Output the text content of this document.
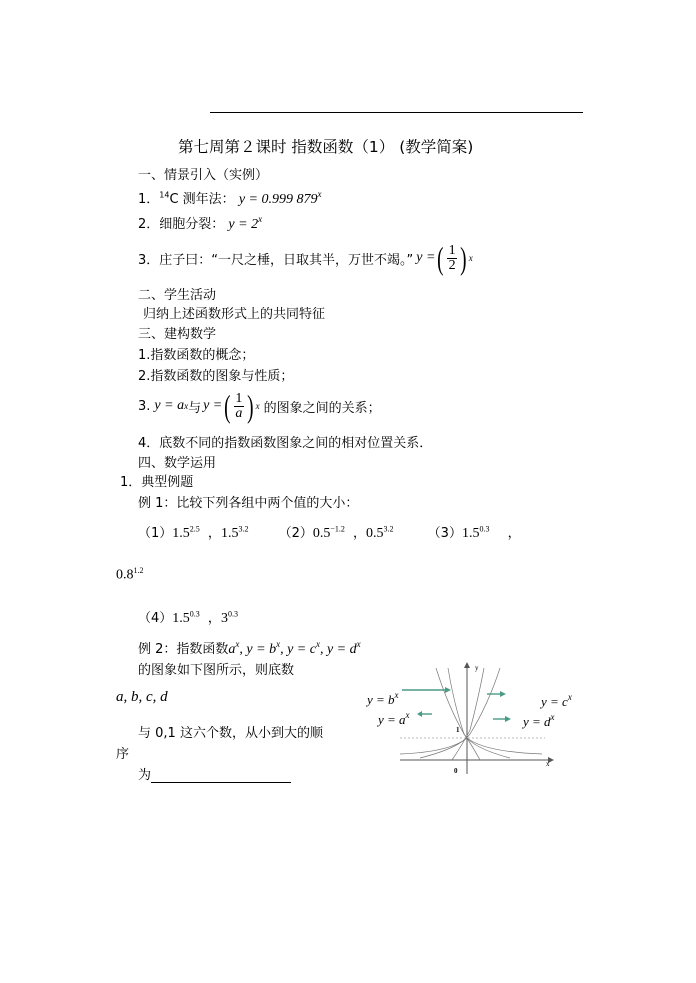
第七周第２课时 指数函数（1） (教学简案)
一、情景引入（实例）
1．$^{14}$C 测年法： y = 0.999 879$^x$
2．细胞分裂： $y = 2^x$
3．庄子曰：“一尺之棰，日取其半，万世不竭。” y = ( $\frac{1}{2}$ ) x
二、学生活动
归纳上述函数形式上的共同特征
三、建构数学
1.指数函数的概念；
2.指数函数的图象与性质；
3. y = a x 与 y = ( $\frac{1}{a}$ ) x 的图象之间的关系；
4．底数不同的指数函数图象之间的相对位置关系．
四、数学运用
1．典型例题
例 1：比较下列各组中两个值的大小：
$(1)1.5^{2.5}$ ，$1.5^{3.2}$ $(2)0.5^{-1.2}$ ，$0.5^{3.2}$	$(3)1.5^{0.3}$ ，
$0.8^{1.2}$
$(4)1.5^{0.3}$ ，$3^{0.3}$
例 2：指数函数$a^x$, $y = b^x$, $y = c^x$, $y = d^x$
的图象如下图所示，则底数
a, b, c, d
与 0,1 这六个数，从小到大的顺
序
为
y
x
0
1
$y = b^x$
$y = a^x$
$y = c^x$
$y = d^x$
